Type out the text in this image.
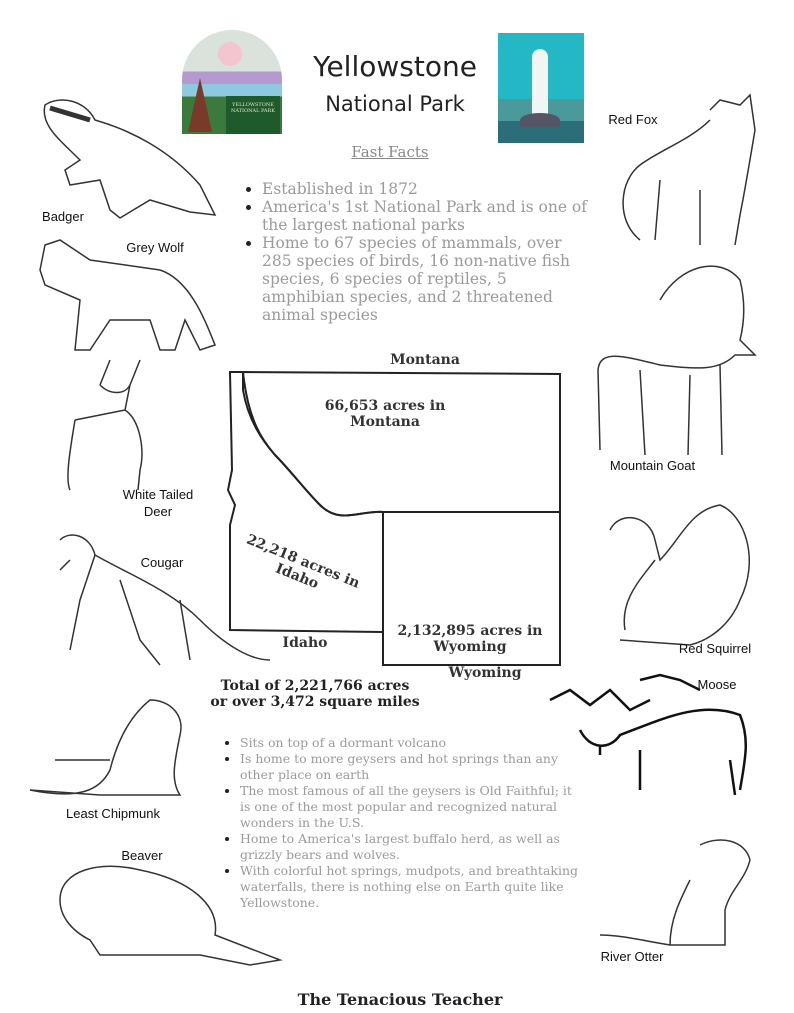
YELLOWSTONE NATIONAL PARK
Yellowstone
National Park
Fast Facts
• Established in 1872
• America's 1st National Park and is one of the largest national parks
• Home to 67 species of mammals, over 285 species of birds, 16 non-native fish species, 6 species of reptiles, 5 amphibian species, and 2 threatened animal species
Montana
66,653 acres in Montana
22,218 acres in Idaho
Idaho
2,132,895 acres in Wyoming
Wyoming
Total of 2,221,766 acres
or over 3,472 square miles
• Sits on top of a dormant volcano
• Is home to more geysers and hot springs than any other place on earth
• The most famous of all the geysers is Old Faithful; it is one of the most popular and recognized natural wonders in the U.S.
• Home to America's largest buffalo herd, as well as grizzly bears and wolves.
• With colorful hot springs, mudpots, and breathtaking waterfalls, there is nothing else on Earth quite like Yellowstone.
Badger
Grey Wolf
White Tailed Deer
Cougar
Least Chipmunk
Beaver
Red Fox
Mountain Goat
Red Squirrel
Moose
River Otter
The Tenacious Teacher
